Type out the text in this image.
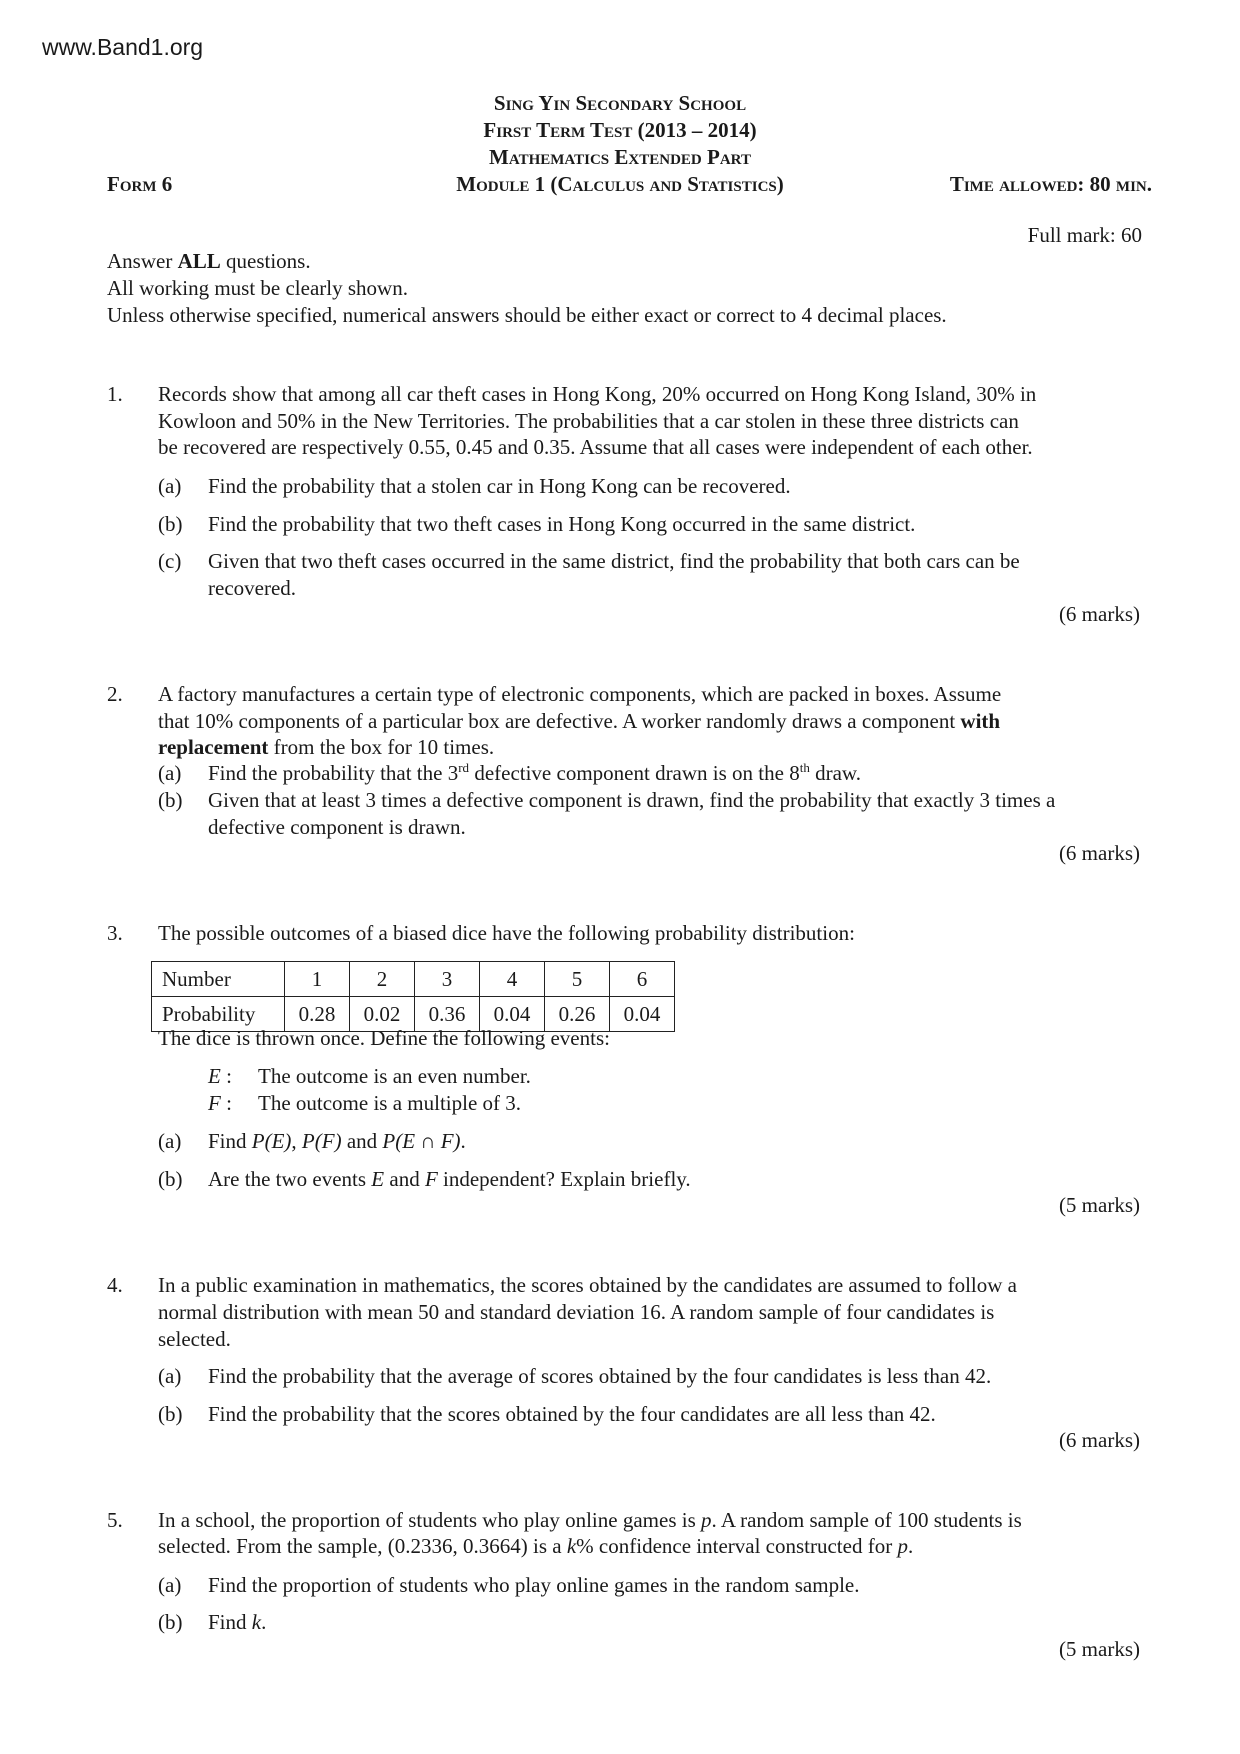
www.Band1.org
Sing Yin Secondary School
First Term Test (2013 – 2014)
Mathematics Extended Part
Module 1 (Calculus and Statistics)
Form 6	Time allowed: 80 min.
Full mark: 60
Answer ALL questions.
All working must be clearly shown.
Unless otherwise specified, numerical answers should be either exact or correct to 4 decimal places.
1. Records show that among all car theft cases in Hong Kong, 20% occurred on Hong Kong Island, 30% in
Kowloon and 50% in the New Territories. The probabilities that a car stolen in these three districts can
be recovered are respectively 0.55, 0.45 and 0.35. Assume that all cases were independent of each other.
(a) Find the probability that a stolen car in Hong Kong can be recovered.
(b) Find the probability that two theft cases in Hong Kong occurred in the same district.
(c) Given that two theft cases occurred in the same district, find the probability that both cars can be
recovered.
(6 marks)
2. A factory manufactures a certain type of electronic components, which are packed in boxes. Assume
that 10% components of a particular box are defective. A worker randomly draws a component with
replacement from the box for 10 times.
(a) Find the probability that the 3rd defective component drawn is on the 8th draw.
(b) Given that at least 3 times a defective component is drawn, find the probability that exactly 3 times a
defective component is drawn.
(6 marks)
3. The possible outcomes of a biased dice have the following probability distribution:
Number	1	2	3	4	5	6
Probability	0.28	0.02	0.36	0.04	0.26	0.04
The dice is thrown once. Define the following events:
E : The outcome is an even number.
F : The outcome is a multiple of 3.
(a) Find P(E), P(F) and P(E ∩ F).
(b) Are the two events E and F independent? Explain briefly.
(5 marks)
4. In a public examination in mathematics, the scores obtained by the candidates are assumed to follow a
normal distribution with mean 50 and standard deviation 16. A random sample of four candidates is
selected.
(a) Find the probability that the average of scores obtained by the four candidates is less than 42.
(b) Find the probability that the scores obtained by the four candidates are all less than 42.
(6 marks)
5. In a school, the proportion of students who play online games is p. A random sample of 100 students is
selected. From the sample, (0.2336, 0.3664) is a k% confidence interval constructed for p.
(a) Find the proportion of students who play online games in the random sample.
(b) Find k.
(5 marks)
